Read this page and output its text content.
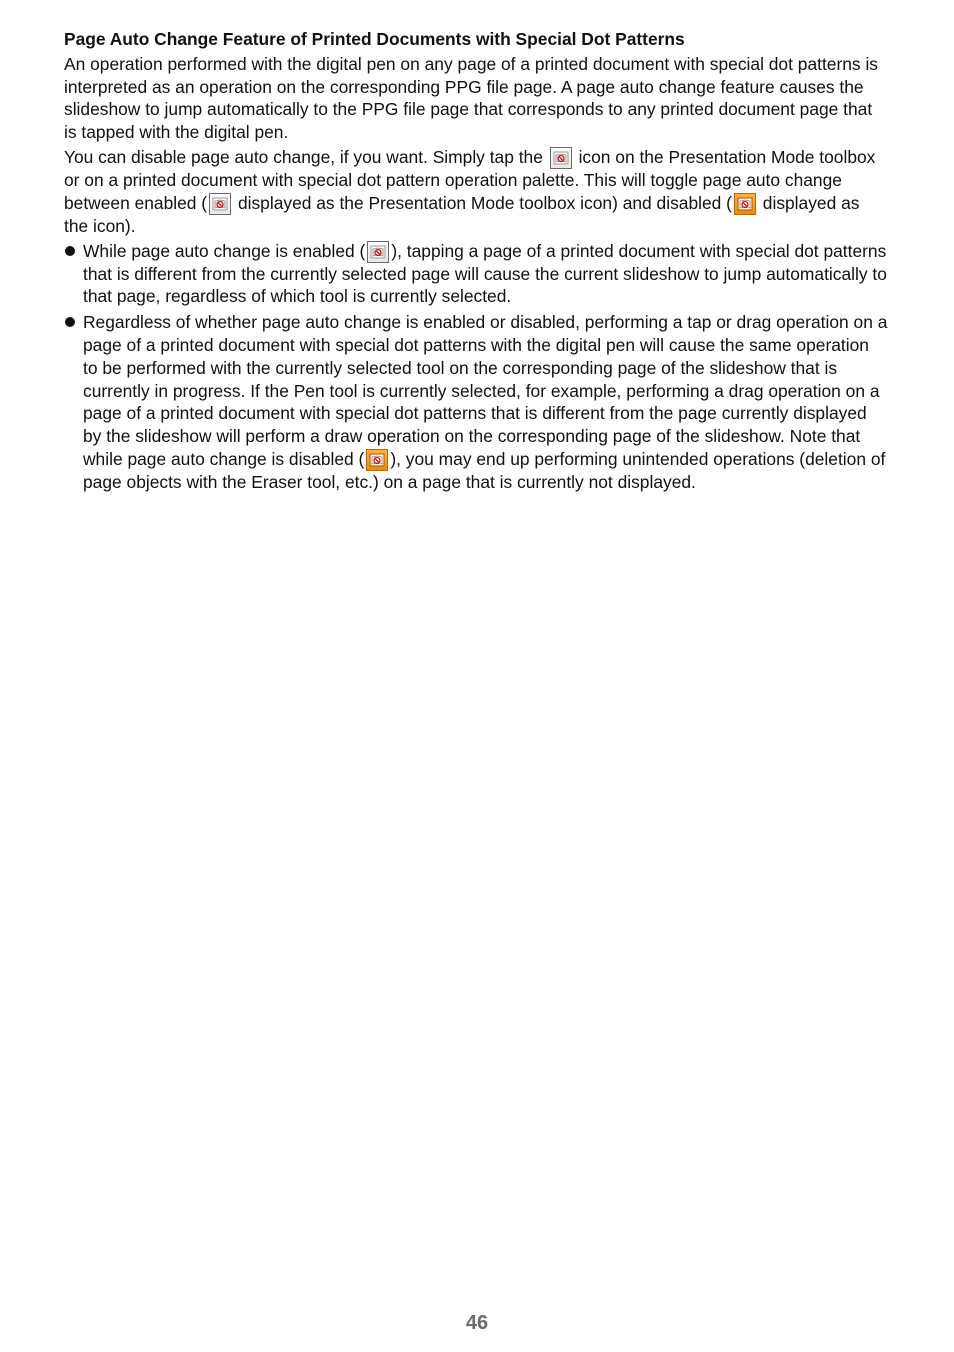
Page Auto Change Feature of Printed Documents with Special Dot Patterns
An operation performed with the digital pen on any page of a printed document with special dot patterns is interpreted as an operation on the corresponding PPG file page. A page auto change feature causes the slideshow to jump automatically to the PPG file page that corresponds to any printed document page that is tapped with the digital pen.
You can disable page auto change, if you want. Simply tap the
icon on the Presentation Mode toolbox or on a printed document with special dot pattern operation palette. This will toggle page auto change between enabled (
displayed as the Presentation Mode toolbox icon) and disabled (
displayed as the icon).
While page auto change is enabled ( ), tapping a page of a printed document with special dot patterns that is different from the currently selected page will cause the current slideshow to jump automatically to that page, regardless of which tool is currently selected.
Regardless of whether page auto change is enabled or disabled, performing a tap or drag operation on a page of a printed document with special dot patterns with the digital pen will cause the same operation to be performed with the currently selected tool on the corresponding page of the slideshow that is currently in progress. If the Pen tool is currently selected, for example, performing a drag operation on a page of a printed document with special dot patterns that is different from the page currently displayed by the slideshow will perform a draw operation on the corresponding page of the slideshow. Note that while page auto change is disabled ( ), you may end up performing unintended operations (deletion of page objects with the Eraser tool, etc.) on a page that is currently not displayed.
46
